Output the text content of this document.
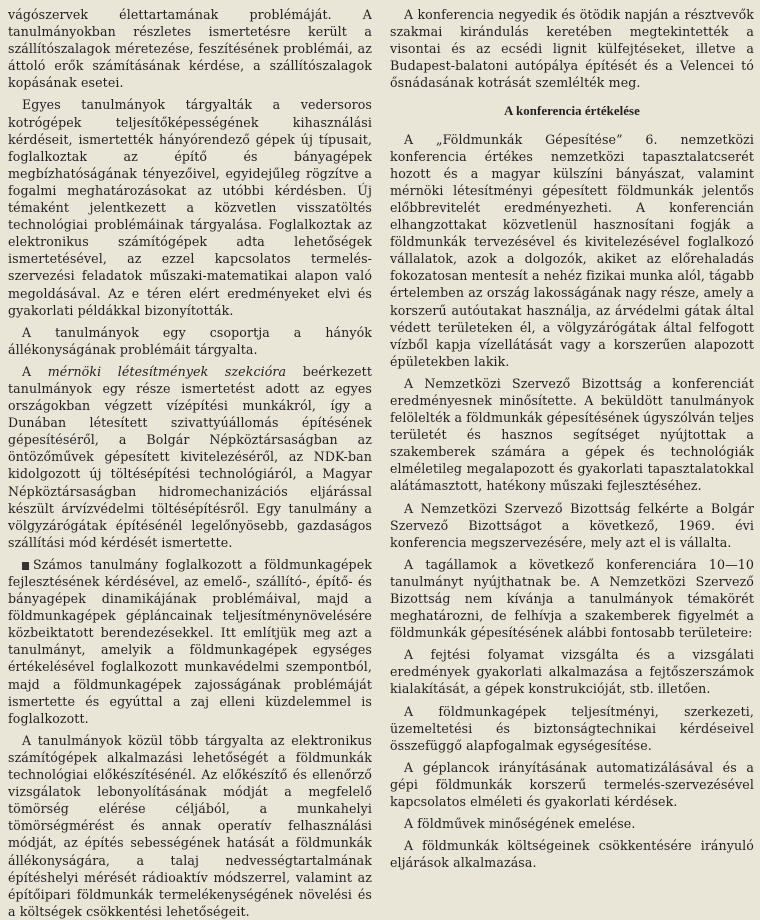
vágószervek élettartamának problémáját. A tanulmányokban részletes ismertetésre került a szállítószalagok méretezése, feszítésének problémái, az áttoló erők számításának kérdése, a szállítószalagok kopásának esetei.

Egyes tanulmányok tárgyalták a vedersoros kotrógépek teljesítőképességének kihasználási kérdéseit, ismertették hányórendező gépek új típusait, foglalkoztak az építő és bányagépek megbízhatóságának tényezőivel, egyidejűleg rögzítve a fogalmi meghatározásokat az utóbbi kérdésben. Új témaként jelentkezett a közvetlen visszatöltés technológiai problémáinak tárgyalása. Foglalkoztak az elektronikus számítógépek adta lehetőségek ismertetésével, az ezzel kapcsolatos termelés-szervezési feladatok műszaki-matematikai alapon való megoldásával. Az e téren elért eredményeket elvi és gyakorlati példákkal bizonyították.

A tanulmányok egy csoportja a hányók állékonyságának problémáit tárgyalta.

A mérnöki létesítmények szekcióra beérkezett tanulmányok egy része ismertetést adott az egyes országokban végzett vízépítési munkákról, így a Dunában létesített szivattyúállomás építésének gépesítéséről, a Bolgár Népköztársaságban az öntözőművek gépesített kivitelezéséről, az NDK-ban kidolgozott új töltésépítési technológiáról, a Magyar Népköztársaságban hidromechanizációs eljárással készült árvízvédelmi töltésépítésről. Egy tanulmány a völgyzárógátak építésénél legelőnyösebb, gazdaságos szállítási mód kérdését ismertette.

Számos tanulmány foglalkozott a földmunkagépek fejlesztésének kérdésével, az emelő-, szállító-, építő- és bányagépek dinamikájának problémáival, majd a földmunkagépek gépláncainak teljesítménynövelésére közbeiktatott berendezésekkel. Itt említjük meg azt a tanulmányt, amelyik a földmunkagépek egységes értékelésével foglalkozott munkavédelmi szempontból, majd a földmunkagépek zajosságának problémáját ismertette és egyúttal a zaj elleni küzdelemmel is foglalkozott.

A tanulmányok közül több tárgyalta az elektronikus számítógépek alkalmazási lehetőségét a földmunkák technológiai előkészítésénél. Az előkészítő és ellenőrző vizsgálatok lebonyolításának módját a megfelelő tömörség elérése céljából, a munkahelyi tömörségmérést és annak operatív felhasználási módját, az építés sebességének hatását a földmunkák állékonyságára, a talaj nedvességtartalmának építéshelyi mérését rádioaktív módszerrel, valamint az építőipari földmunkák termelékenységének növelési és a költségek csökkentési lehetőségeit.

A konferencia negyedik és ötödik napján a résztvevők szakmai kirándulás keretében megtekintették a visontai és az ecsédi lignit külfejtéseket, illetve a Budapest-balatoni autópálya építését és a Velencei tó ősnádasának kotrását szemlélték meg.

A konferencia értékelése

A „Földmunkák Gépesítése” 6. nemzetközi konferencia értékes nemzetközi tapasztalatcserét hozott és a magyar külszíni bányászat, valamint mérnöki létesítményi gépesített földmunkák jelentős előbbrevitelét eredményezheti. A konferencián elhangzottakat közvetlenül hasznosítani fogják a földmunkák tervezésével és kivitelezésével foglalkozó vállalatok, azok a dolgozók, akiket az előrehaladás fokozatosan mentesít a nehéz fizikai munka alól, tágabb értelemben az ország lakosságának nagy része, amely a korszerű autóutakat használja, az árvédelmi gátak által védett területeken él, a völgyzárógátak által felfogott vízből kapja vízellátását vagy a korszerűen alapozott épületekben lakik.

A Nemzetközi Szervező Bizottság a konferenciát eredményesnek minősítette. A beküldött tanulmányok felölelték a földmunkák gépesítésének úgyszólván teljes területét és hasznos segítséget nyújtottak a szakemberek számára a gépek és technológiák elméletileg megalapozott és gyakorlati tapasztalatokkal alátámasztott, hatékony műszaki fejlesztéséhez.

A Nemzetközi Szervező Bizottság felkérte a Bolgár Szervező Bizottságot a következő, 1969. évi konferencia megszervezésére, mely azt el is vállalta.

A tagállamok a következő konferenciára 10—10 tanulmányt nyújthatnak be. A Nemzetközi Szervező Bizottság nem kívánja a tanulmányok témakörét meghatározni, de felhívja a szakemberek figyelmét a földmunkák gépesítésének alábbi fontosabb területeire:

A fejtési folyamat vizsgálta és a vizsgálati eredmények gyakorlati alkalmazása a fejtőszerszámok kialakítását, a gépek konstrukcióját, stb. illetően.

A földmunkagépek teljesítményi, szerkezeti, üzemeltetési és biztonságtechnikai kérdéseivel összefüggő alapfogalmak egységesítése.

A géplancok irányításának automatizálásával és a gépi földmunkák korszerű termelés-szervezésével kapcsolatos elméleti és gyakorlati kérdések.

A földművek minőségének emelése.

A földmunkák költségeinek csökkentésére irányuló eljárások alkalmazása.
